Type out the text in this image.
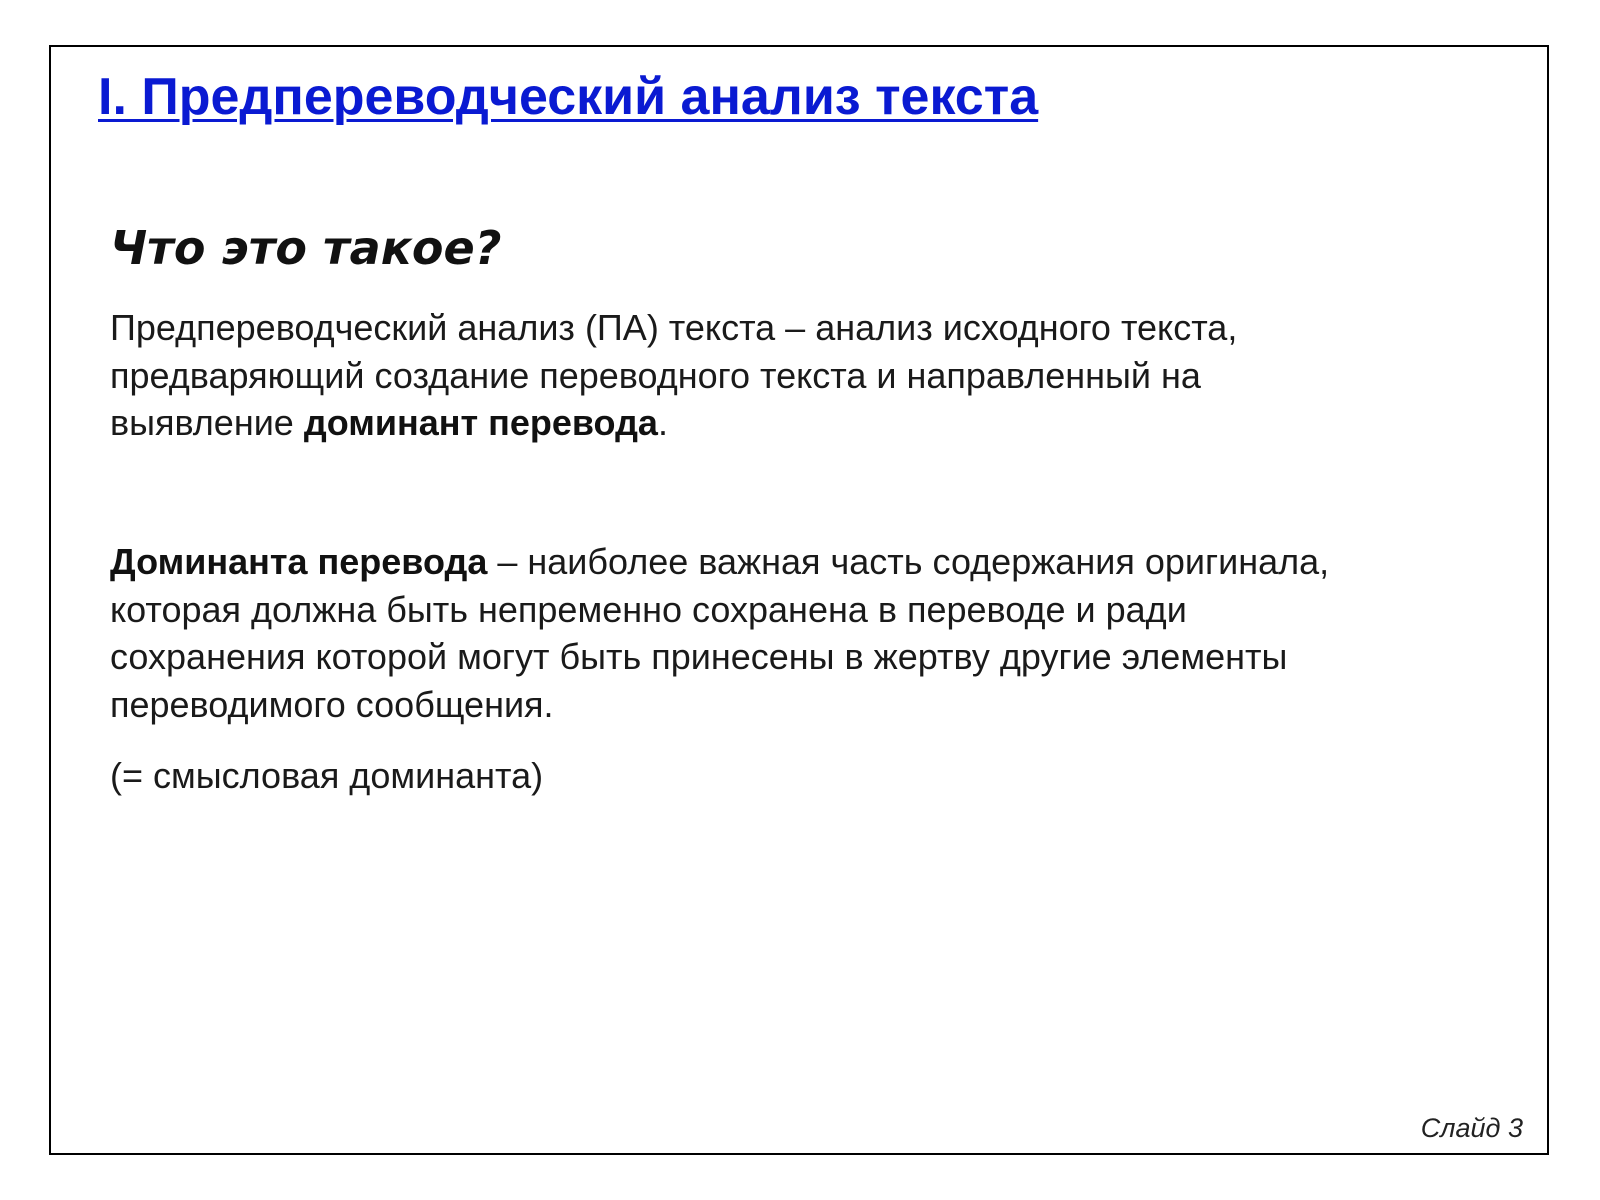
I. Предпереводческий анализ текста
Что это такое?

Предпереводческий анализ (ПА) текста – анализ исходного текста,
предваряющий создание переводного текста и направленный на
выявление доминант перевода.

Доминанта перевода – наиболее важная часть содержания оригинала,
которая должна быть непременно сохранена в переводе и ради
сохранения которой могут быть принесены в жертву другие элементы
переводимого сообщения.

(= смысловая доминанта)

Слайд 3
